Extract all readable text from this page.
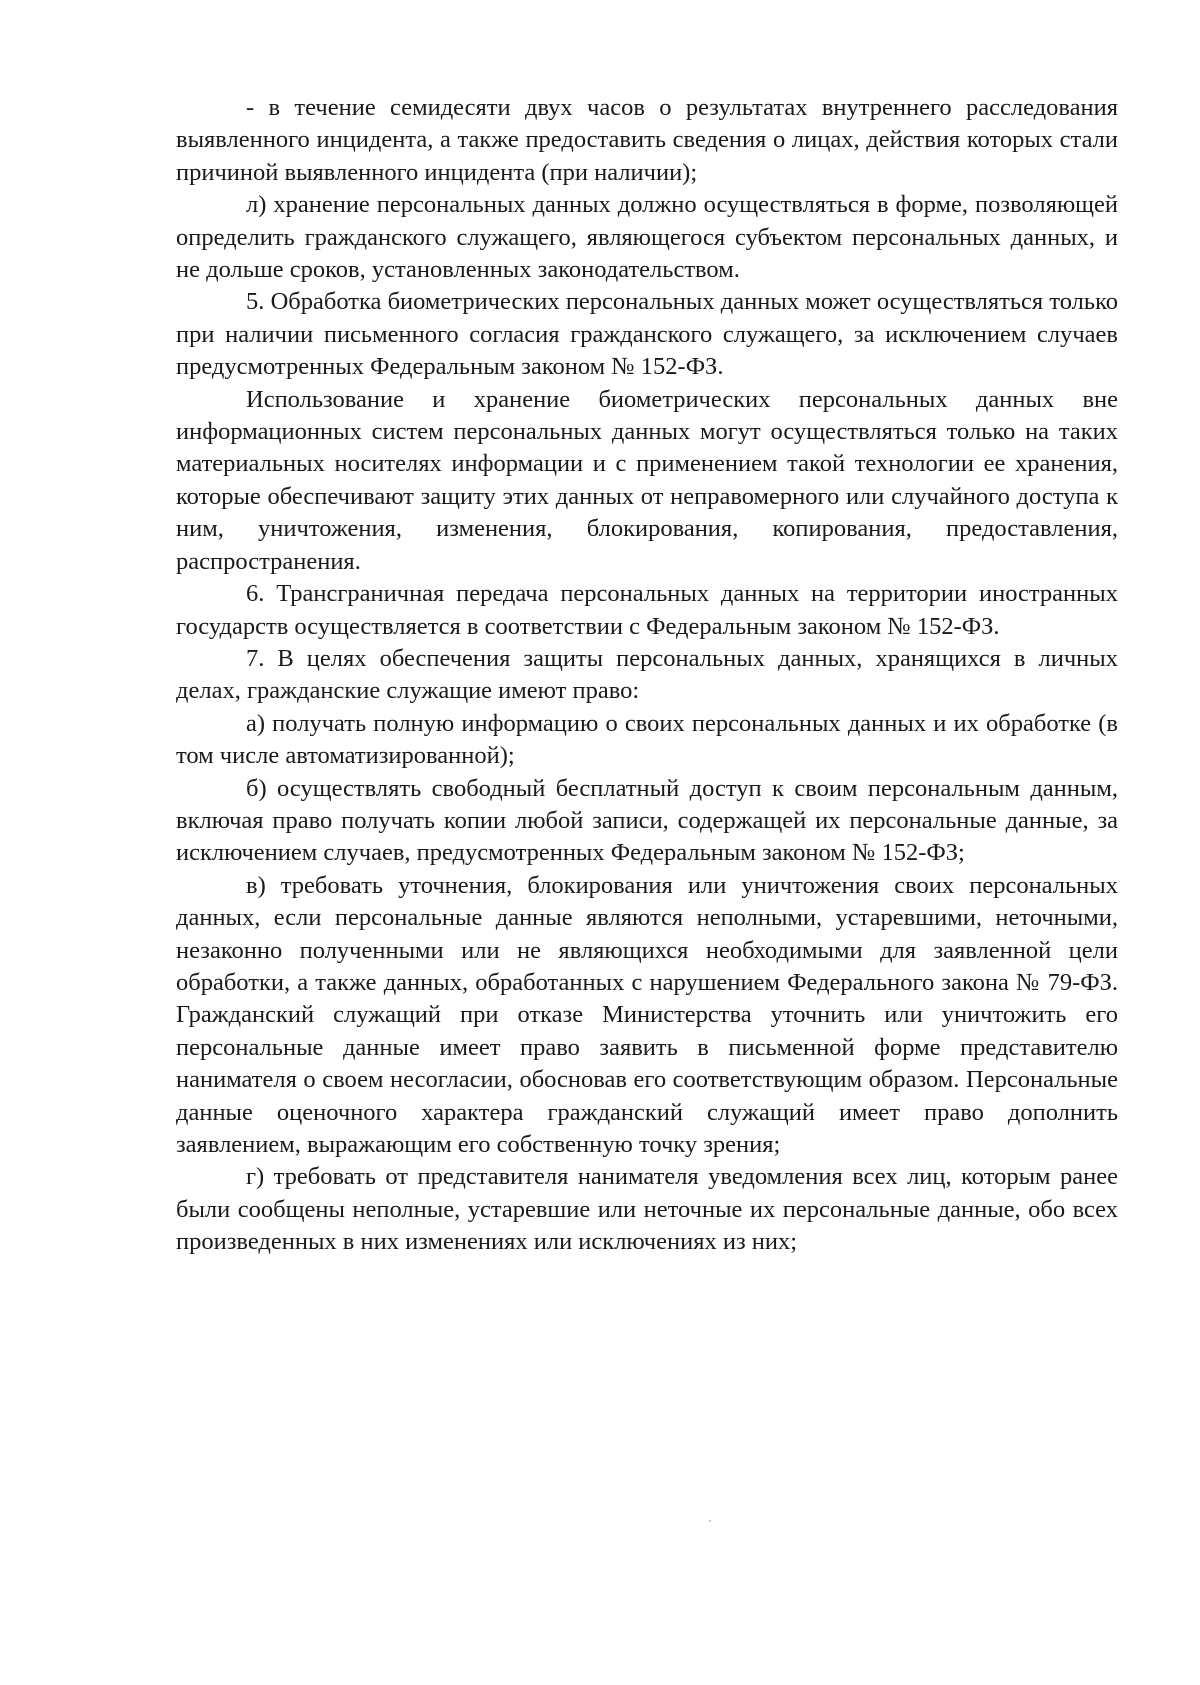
- в течение семидесяти двух часов о результатах внутреннего расследования выявленного инцидента, а также предоставить сведения о лицах, действия которых стали причиной выявленного инцидента (при наличии);

л) хранение персональных данных должно осуществляться в форме, позволяющей определить гражданского служащего, являющегося субъектом персональных данных, и не дольше сроков, установленных законодательством.

5. Обработка биометрических персональных данных может осуществляться только при наличии письменного согласия гражданского служащего, за исключением случаев предусмотренных Федеральным законом № 152-ФЗ.

Использование и хранение биометрических персональных данных вне информационных систем персональных данных могут осуществляться только на таких материальных носителях информации и с применением такой технологии ее хранения, которые обеспечивают защиту этих данных от неправомерного или случайного доступа к ним, уничтожения, изменения, блокирования, копирования, предоставления, распространения.

6. Трансграничная передача персональных данных на территории иностранных государств осуществляется в соответствии с Федеральным законом № 152-ФЗ.

7. В целях обеспечения защиты персональных данных, хранящихся в личных делах, гражданские служащие имеют право:

а) получать полную информацию о своих персональных данных и их обработке (в том числе автоматизированной);

б) осуществлять свободный бесплатный доступ к своим персональным данным, включая право получать копии любой записи, содержащей их персональные данные, за исключением случаев, предусмотренных Федеральным законом № 152-ФЗ;

в) требовать уточнения, блокирования или уничтожения своих персональных данных, если персональные данные являются неполными, устаревшими, неточными, незаконно полученными или не являющихся необходимыми для заявленной цели обработки, а также данных, обработанных с нарушением Федерального закона № 79-ФЗ. Гражданский служащий при отказе Министерства уточнить или уничтожить его персональные данные имеет право заявить в письменной форме представителю нанимателя о своем несогласии, обосновав его соответствующим образом. Персональные данные оценочного характера гражданский служащий имеет право дополнить заявлением, выражающим его собственную точку зрения;

г) требовать от представителя нанимателя уведомления всех лиц, которым ранее были сообщены неполные, устаревшие или неточные их персональные данные, обо всех произведенных в них изменениях или исключениях из них;
